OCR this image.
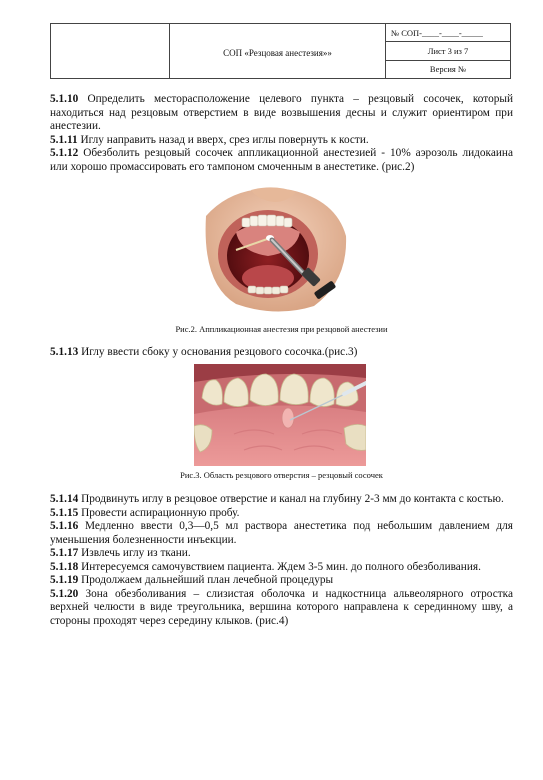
СОП «Резцовая анестезия»»
№ СОП-____-____-_____
Лист 3 из 7
Версия №

5.1.10 Определить месторасположение целевого пункта – резцовый сосочек, который находиться над резцовым отверстием в виде возвышения десны и служит ориентиром при анестезии.

5.1.11 Иглу направить назад и вверх, срез иглы повернуть к кости.

5.1.12 Обезболить резцовый сосочек аппликационной анестезией - 10% аэрозоль лидокаина или хорошо промассировать его тампоном смоченным в анестетике. (рис.2)

Рис.2. Аппликационная анестезия при резцовой анестезии

5.1.13 Иглу ввести сбоку у основания резцового сосочка.(рис.3)

Рис.3. Область резцового отверстия – резцовый сосочек

5.1.14 Продвинуть иглу в резцовое отверстие и канал на глубину 2-3 мм до контакта с костью.

5.1.15 Провести аспирационную пробу.

5.1.16 Медленно ввести 0,3—0,5 мл раствора анестетика под небольшим давлением для уменьшения болезненности инъекции.

5.1.17 Извлечь иглу из ткани.

5.1.18 Интересуемся самочувствием пациента. Ждем 3-5 мин. до полного обезболивания.

5.1.19 Продолжаем дальнейший план лечебной процедуры

5.1.20 Зона обезболивания – слизистая оболочка и надкостница альвеолярного отростка верхней челюсти в виде треугольника, вершина которого направлена к серединному шву, а стороны проходят через середину клыков. (рис.4)
